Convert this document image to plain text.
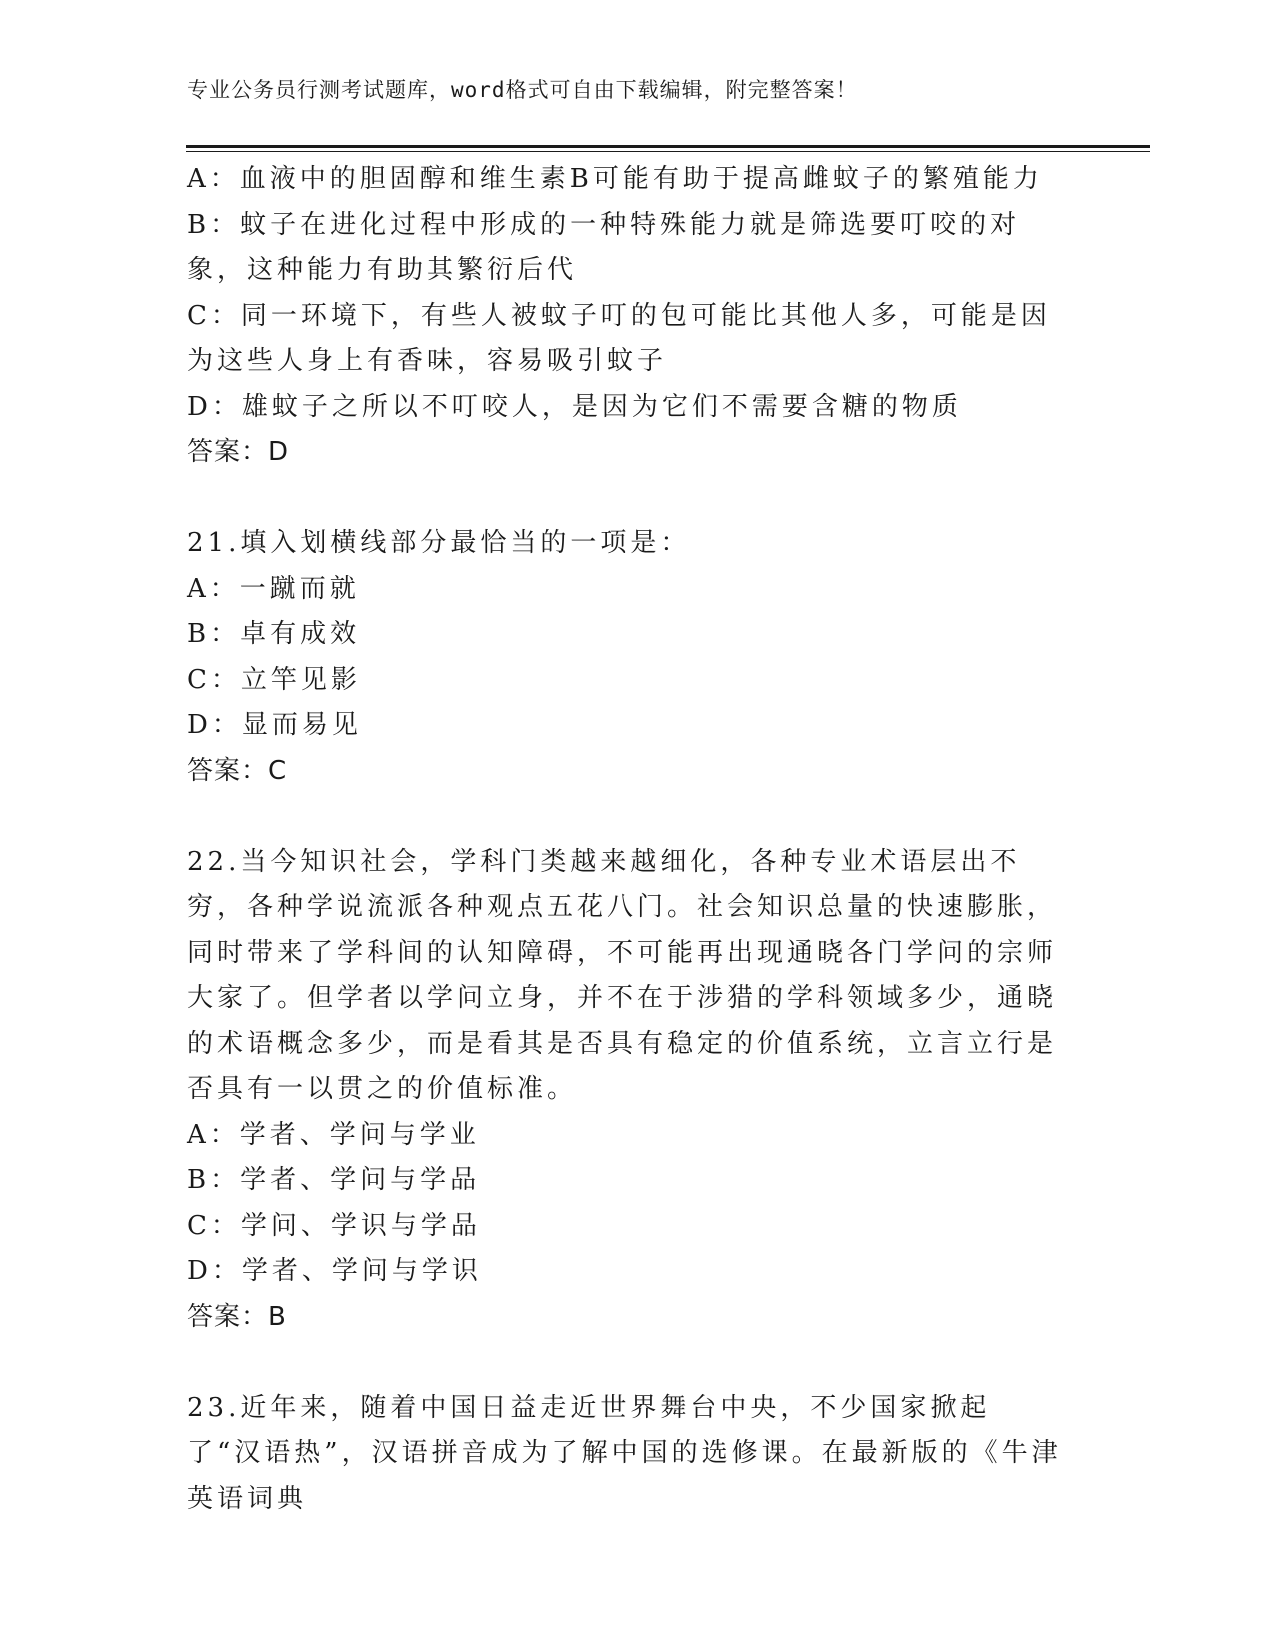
专业公务员行测考试题库，word格式可自由下载编辑，附完整答案！

A：血液中的胆固醇和维生素B可能有助于提高雌蚊子的繁殖能力

B：蚊子在进化过程中形成的一种特殊能力就是筛选要叮咬的对象，这种能力有助其繁衍后代

C：同一环境下，有些人被蚊子叮的包可能比其他人多，可能是因为这些人身上有香味，容易吸引蚊子

D：雄蚊子之所以不叮咬人，是因为它们不需要含糖的物质

答案：D

21.填入划横线部分最恰当的一项是：

A：一蹴而就

B：卓有成效

C：立竿见影

D：显而易见

答案：C

22.当今知识社会，学科门类越来越细化，各种专业术语层出不穷，各种学说流派各种观点五花八门。社会知识总量的快速膨胀，同时带来了学科间的认知障碍，不可能再出现通晓各门学问的宗师大家了。但学者以学问立身，并不在于涉猎的学科领域多少，通晓的术语概念多少，而是看其是否具有稳定的价值系统，立言立行是否具有一以贯之的价值标准。

A：学者、学问与学业

B：学者、学问与学品

C：学问、学识与学品

D：学者、学问与学识

答案：B

23.近年来，随着中国日益走近世界舞台中央，不少国家掀起了“汉语热”，汉语拼音成为了解中国的选修课。在最新版的《牛津英语词典
